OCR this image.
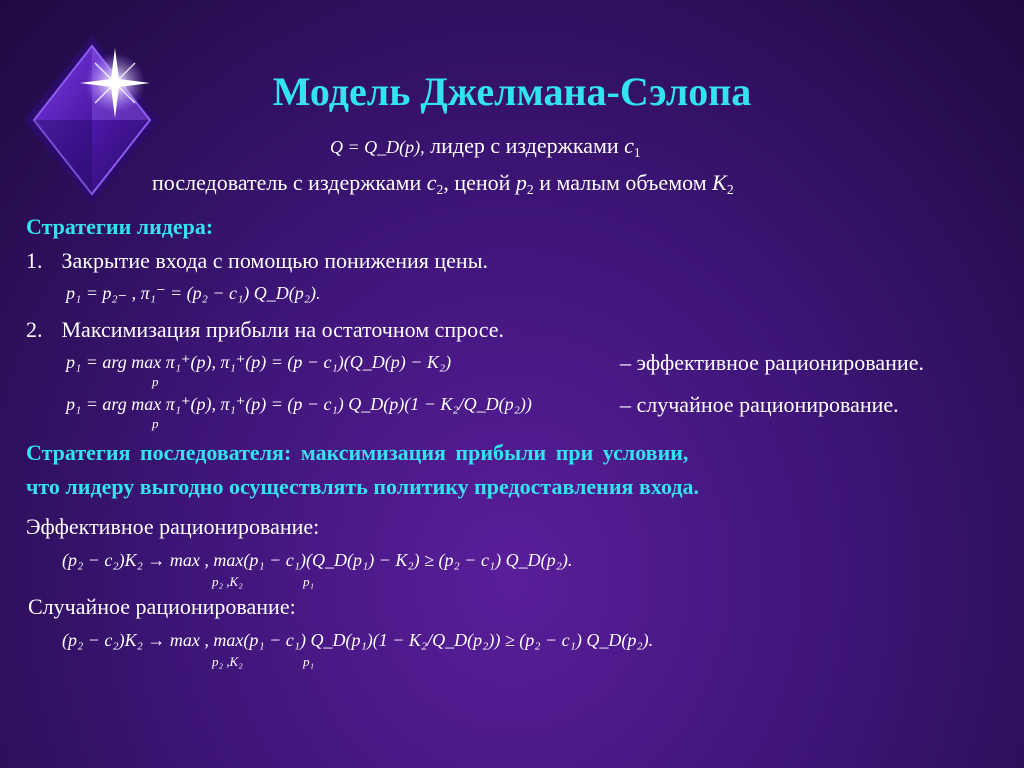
Модель Джелмана-Сэлопа
Q = Q_D(p), лидер с издержками $c_1$
последователь с издержками $c_2$, ценой $p_2$ и малым объемом $K_2$
Стратегии лидера:
1. Закрытие входа с помощью понижения цены.
p₁ = p₂₋ , π₁⁻ = (p₂ − c₁) Q_D(p₂).
2. Максимизация прибыли на остаточном спросе.
p₁ = arg max π₁⁺(p), π₁⁺(p) = (p − c₁)(Q_D(p) − K₂)
p
– эффективное рационирование.
p₁ = arg max π₁⁺(p), π₁⁺(p) = (p − c₁) Q_D(p)(1 − K₂/Q_D(p₂))
p
– случайное рационирование.
Стратегия последователя: максимизация прибыли при условии,
что лидеру выгодно осуществлять политику предоставления входа.
Эффективное рационирование:
(p₂ − c₂)K₂ → max , max(p₁ − c₁)(Q_D(p₁) − K₂) ≥ (p₂ − c₁) Q_D(p₂).
p₂ ,K₂	p₁
Случайное рационирование:
(p₂ − c₂)K₂ → max , max(p₁ − c₁) Q_D(p₁)(1 − K₂/Q_D(p₂)) ≥ (p₂ − c₁) Q_D(p₂).
p₂ ,K₂	p₁
